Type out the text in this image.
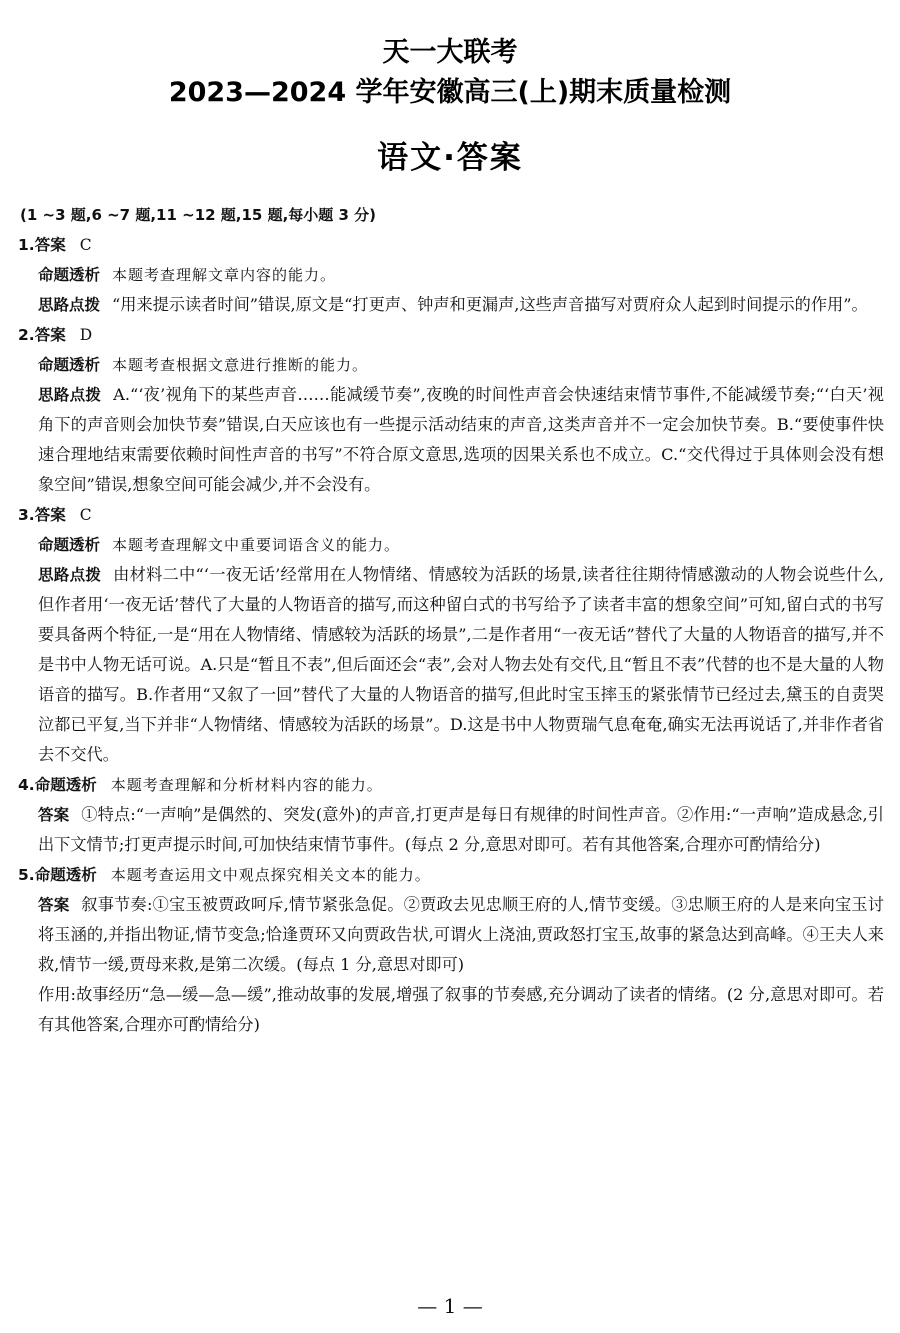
天一大联考
2023—2024 学年安徽高三(上)期末质量检测
语文·答案
(1 ~3 题,6 ~7 题,11 ~12 题,15 题,每小题 3 分)
1.答案 C
命题透析 本题考查理解文章内容的能力。
思路点拨 “用来提示读者时间”错误,原文是“打更声、钟声和更漏声,这些声音描写对贾府众人起到时间提示的作用”。
2.答案 D
命题透析 本题考查根据文意进行推断的能力。
思路点拨 A.“‘夜’视角下的某些声音……能减缓节奏”,夜晚的时间性声音会快速结束情节事件,不能减缓节奏;“‘白天’视角下的声音则会加快节奏”错误,白天应该也有一些提示活动结束的声音,这类声音并不一定会加快节奏。B.“要使事件快速合理地结束需要依赖时间性声音的书写”不符合原文意思,选项的因果关系也不成立。C.“交代得过于具体则会没有想象空间”错误,想象空间可能会减少,并不会没有。
3.答案 C
命题透析 本题考查理解文中重要词语含义的能力。
思路点拨 由材料二中“‘一夜无话’经常用在人物情绪、情感较为活跃的场景,读者往往期待情感激动的人物会说些什么,但作者用‘一夜无话’替代了大量的人物语音的描写,而这种留白式的书写给予了读者丰富的想象空间”可知,留白式的书写要具备两个特征,一是“用在人物情绪、情感较为活跃的场景”,二是作者用“一夜无话”替代了大量的人物语音的描写,并不是书中人物无话可说。A.只是“暂且不表”,但后面还会“表”,会对人物去处有交代,且“暂且不表”代替的也不是大量的人物语音的描写。B.作者用“又叙了一回”替代了大量的人物语音的描写,但此时宝玉摔玉的紧张情节已经过去,黛玉的自责哭泣都已平复,当下并非“人物情绪、情感较为活跃的场景”。D.这是书中人物贾瑞气息奄奄,确实无法再说话了,并非作者省去不交代。
4.命题透析 本题考查理解和分析材料内容的能力。
答案 ①特点:“一声响”是偶然的、突发(意外)的声音,打更声是每日有规律的时间性声音。②作用:“一声响”造成悬念,引出下文情节;打更声提示时间,可加快结束情节事件。(每点 2 分,意思对即可。若有其他答案,合理亦可酌情给分)
5.命题透析 本题考查运用文中观点探究相关文本的能力。
答案 叙事节奏:①宝玉被贾政呵斥,情节紧张急促。②贾政去见忠顺王府的人,情节变缓。③忠顺王府的人是来向宝玉讨将玉涵的,并指出物证,情节变急;恰逢贾环又向贾政告状,可谓火上浇油,贾政怒打宝玉,故事的紧急达到高峰。④王夫人来救,情节一缓,贾母来救,是第二次缓。(每点 1 分,意思对即可)
作用:故事经历“急—缓—急—缓”,推动故事的发展,增强了叙事的节奏感,充分调动了读者的情绪。(2 分,意思对即可。若有其他答案,合理亦可酌情给分)
— 1 —
